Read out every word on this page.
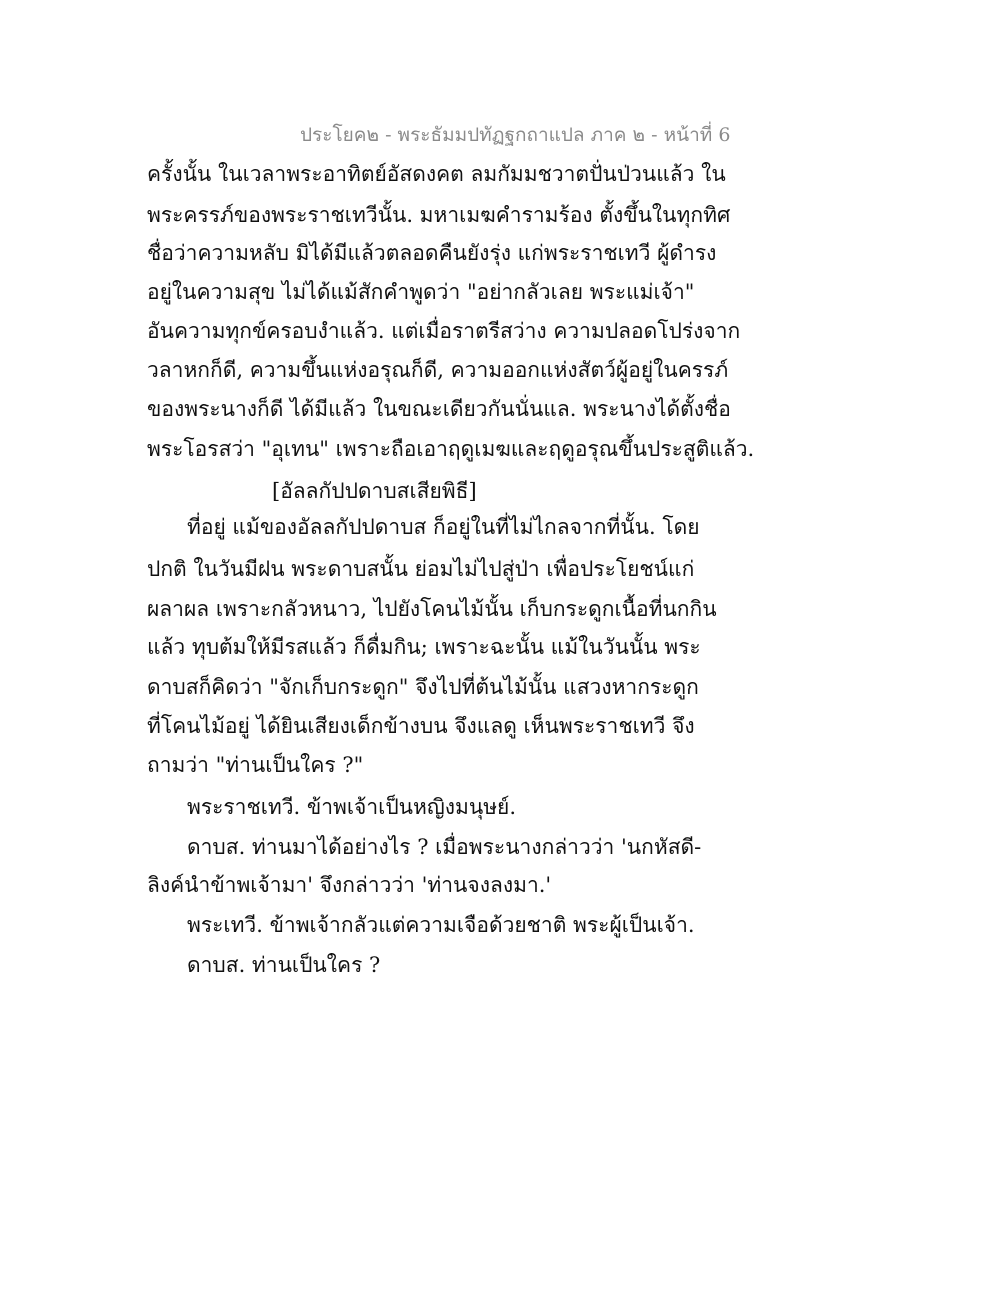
ประโยค๒ - พระธัมมปทัฏฐกถาแปล ภาค ๒ - หน้าที่ 6
ครั้งนั้น ในเวลาพระอาทิตย์อัสดงคต ลมกัมมชวาตปั่นป่วนแล้ว ใน
พระครรภ์ของพระราชเทวีนั้น. มหาเมฆคำรามร้อง ตั้งขึ้นในทุกทิศ
ชื่อว่าความหลับ มิได้มีแล้วตลอดคืนยังรุ่ง แก่พระราชเทวี ผู้ดำรง
อยู่ในความสุข ไม่ได้แม้สักคำพูดว่า "อย่ากลัวเลย พระแม่เจ้า"
อันความทุกข์ครอบงำแล้ว. แต่เมื่อราตรีสว่าง ความปลอดโปร่งจาก
วลาหกก็ดี, ความขึ้นแห่งอรุณก็ดี, ความออกแห่งสัตว์ผู้อยู่ในครรภ์
ของพระนางก็ดี ได้มีแล้ว ในขณะเดียวกันนั่นแล. พระนางได้ตั้งชื่อ
พระโอรสว่า "อุเทน" เพราะถือเอาฤดูเมฆและฤดูอรุณขึ้นประสูติแล้ว.
[อัลลกัปปดาบสเสียพิธี]
ที่อยู่ แม้ของอัลลกัปปดาบส ก็อยู่ในที่ไม่ไกลจากที่นั้น. โดย
ปกติ ในวันมีฝน พระดาบสนั้น ย่อมไม่ไปสู่ป่า เพื่อประโยชน์แก่
ผลาผล เพราะกลัวหนาว, ไปยังโคนไม้นั้น เก็บกระดูกเนื้อที่นกกิน
แล้ว ทุบต้มให้มีรสแล้ว ก็ดื่มกิน; เพราะฉะนั้น แม้ในวันนั้น พระ
ดาบสก็คิดว่า "จักเก็บกระดูก" จึงไปที่ต้นไม้นั้น แสวงหากระดูก
ที่โคนไม้อยู่ ได้ยินเสียงเด็กข้างบน จึงแลดู เห็นพระราชเทวี จึง
ถามว่า "ท่านเป็นใคร ?"
พระราชเทวี. ข้าพเจ้าเป็นหญิงมนุษย์.
ดาบส. ท่านมาได้อย่างไร ? เมื่อพระนางกล่าวว่า 'นกหัสดี-
ลิงค์นำข้าพเจ้ามา' จึงกล่าวว่า 'ท่านจงลงมา.'
พระเทวี. ข้าพเจ้ากลัวแต่ความเจือด้วยชาติ พระผู้เป็นเจ้า.
ดาบส. ท่านเป็นใคร ?
